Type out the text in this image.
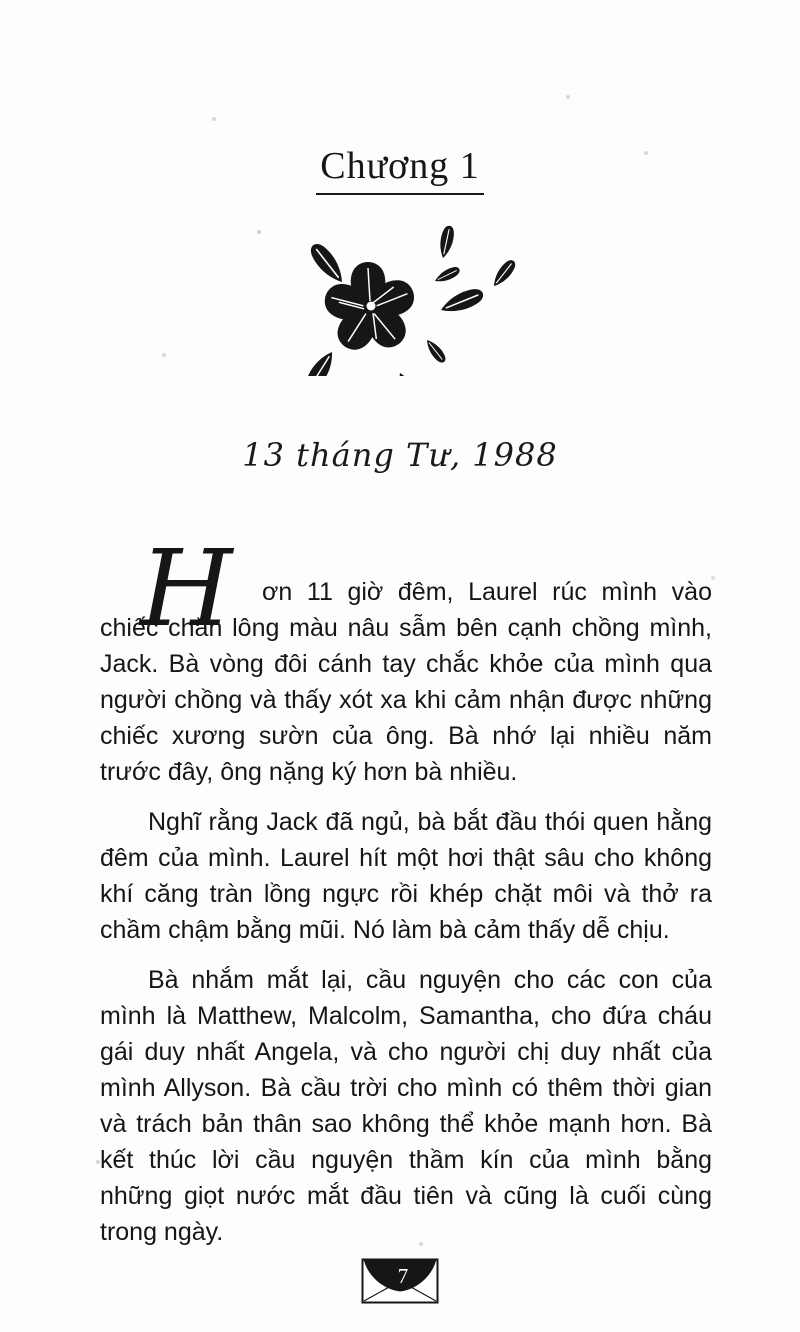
Chương 1
13 tháng Tư, 1988

H ơn 11 giờ đêm, Laurel rúc mình vào chiếc chăn lông màu nâu sẫm bên cạnh chồng mình, Jack. Bà vòng đôi cánh tay chắc khỏe của mình qua người chồng và thấy xót xa khi cảm nhận được những chiếc xương sườn của ông. Bà nhớ lại nhiều năm trước đây, ông nặng ký hơn bà nhiều.

Nghĩ rằng Jack đã ngủ, bà bắt đầu thói quen hằng đêm của mình. Laurel hít một hơi thật sâu cho không khí căng tràn lồng ngực rồi khép chặt môi và thở ra chầm chậm bằng mũi. Nó làm bà cảm thấy dễ chịu.

Bà nhắm mắt lại, cầu nguyện cho các con của mình là Matthew, Malcolm, Samantha, cho đứa cháu gái duy nhất Angela, và cho người chị duy nhất của mình Allyson. Bà cầu trời cho mình có thêm thời gian và trách bản thân sao không thể khỏe mạnh hơn. Bà kết thúc lời cầu nguyện thầm kín của mình bằng những giọt nước mắt đầu tiên và cũng là cuối cùng trong ngày.

7
